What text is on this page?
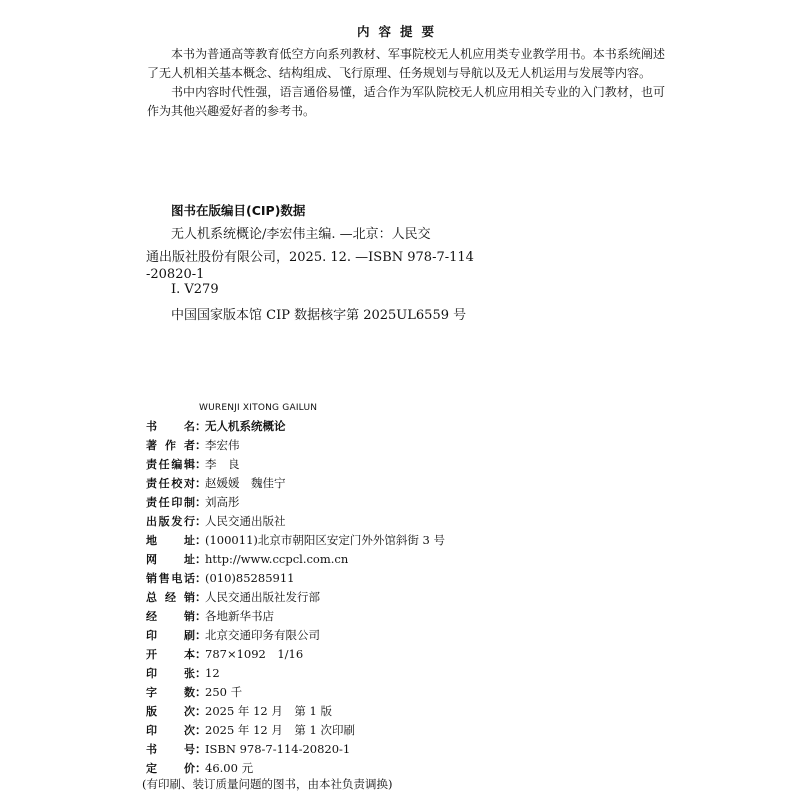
内容提要

本书为普通高等教育低空方向系列教材、军事院校无人机应用类专业教学用书。本书系统阐述了无人机相关基本概念、结构组成、飞行原理、任务规划与导航以及无人机运用与发展等内容。

书中内容时代性强，语言通俗易懂，适合作为军队院校无人机应用相关专业的入门教材，也可作为其他兴趣爱好者的参考书。

图书在版编目(CIP)数据
无人机系统概论/李宏伟主编. —北京：人民交
通出版社股份有限公司，2025. 12. —ISBN 978-7-114
-20820-1
Ⅰ. V279
中国国家版本馆 CIP 数据核字第 2025UL6559 号
WURENJI XITONG GAILUN
书名 ：
无人机系统概论
著作者 ：
李宏伟
责任编辑 ：
李　良
责任校对 ：
赵媛媛　魏佳宁
责任印制 ：
刘高彤
出版发行 ：
人民交通出版社
地址 ：
(100011)北京市朝阳区安定门外外馆斜街 3 号
网址 ：
http://www.ccpcl.com.cn
销售电话 ：
(010)85285911
总经销 ：
人民交通出版社发行部
经销 ：
各地新华书店
印刷 ：
北京交通印务有限公司
开本 ：
787×1092　1/16
印张 ：
12
字数 ：
250 千
版次 ：
2025 年 12 月　第 1 版
印次 ：
2025 年 12 月　第 1 次印刷
书号 ：
ISBN 978-7-114-20820-1
(有印刷、装订质量问题的图书，由本社负责调换)
定价 ：
46.00 元
